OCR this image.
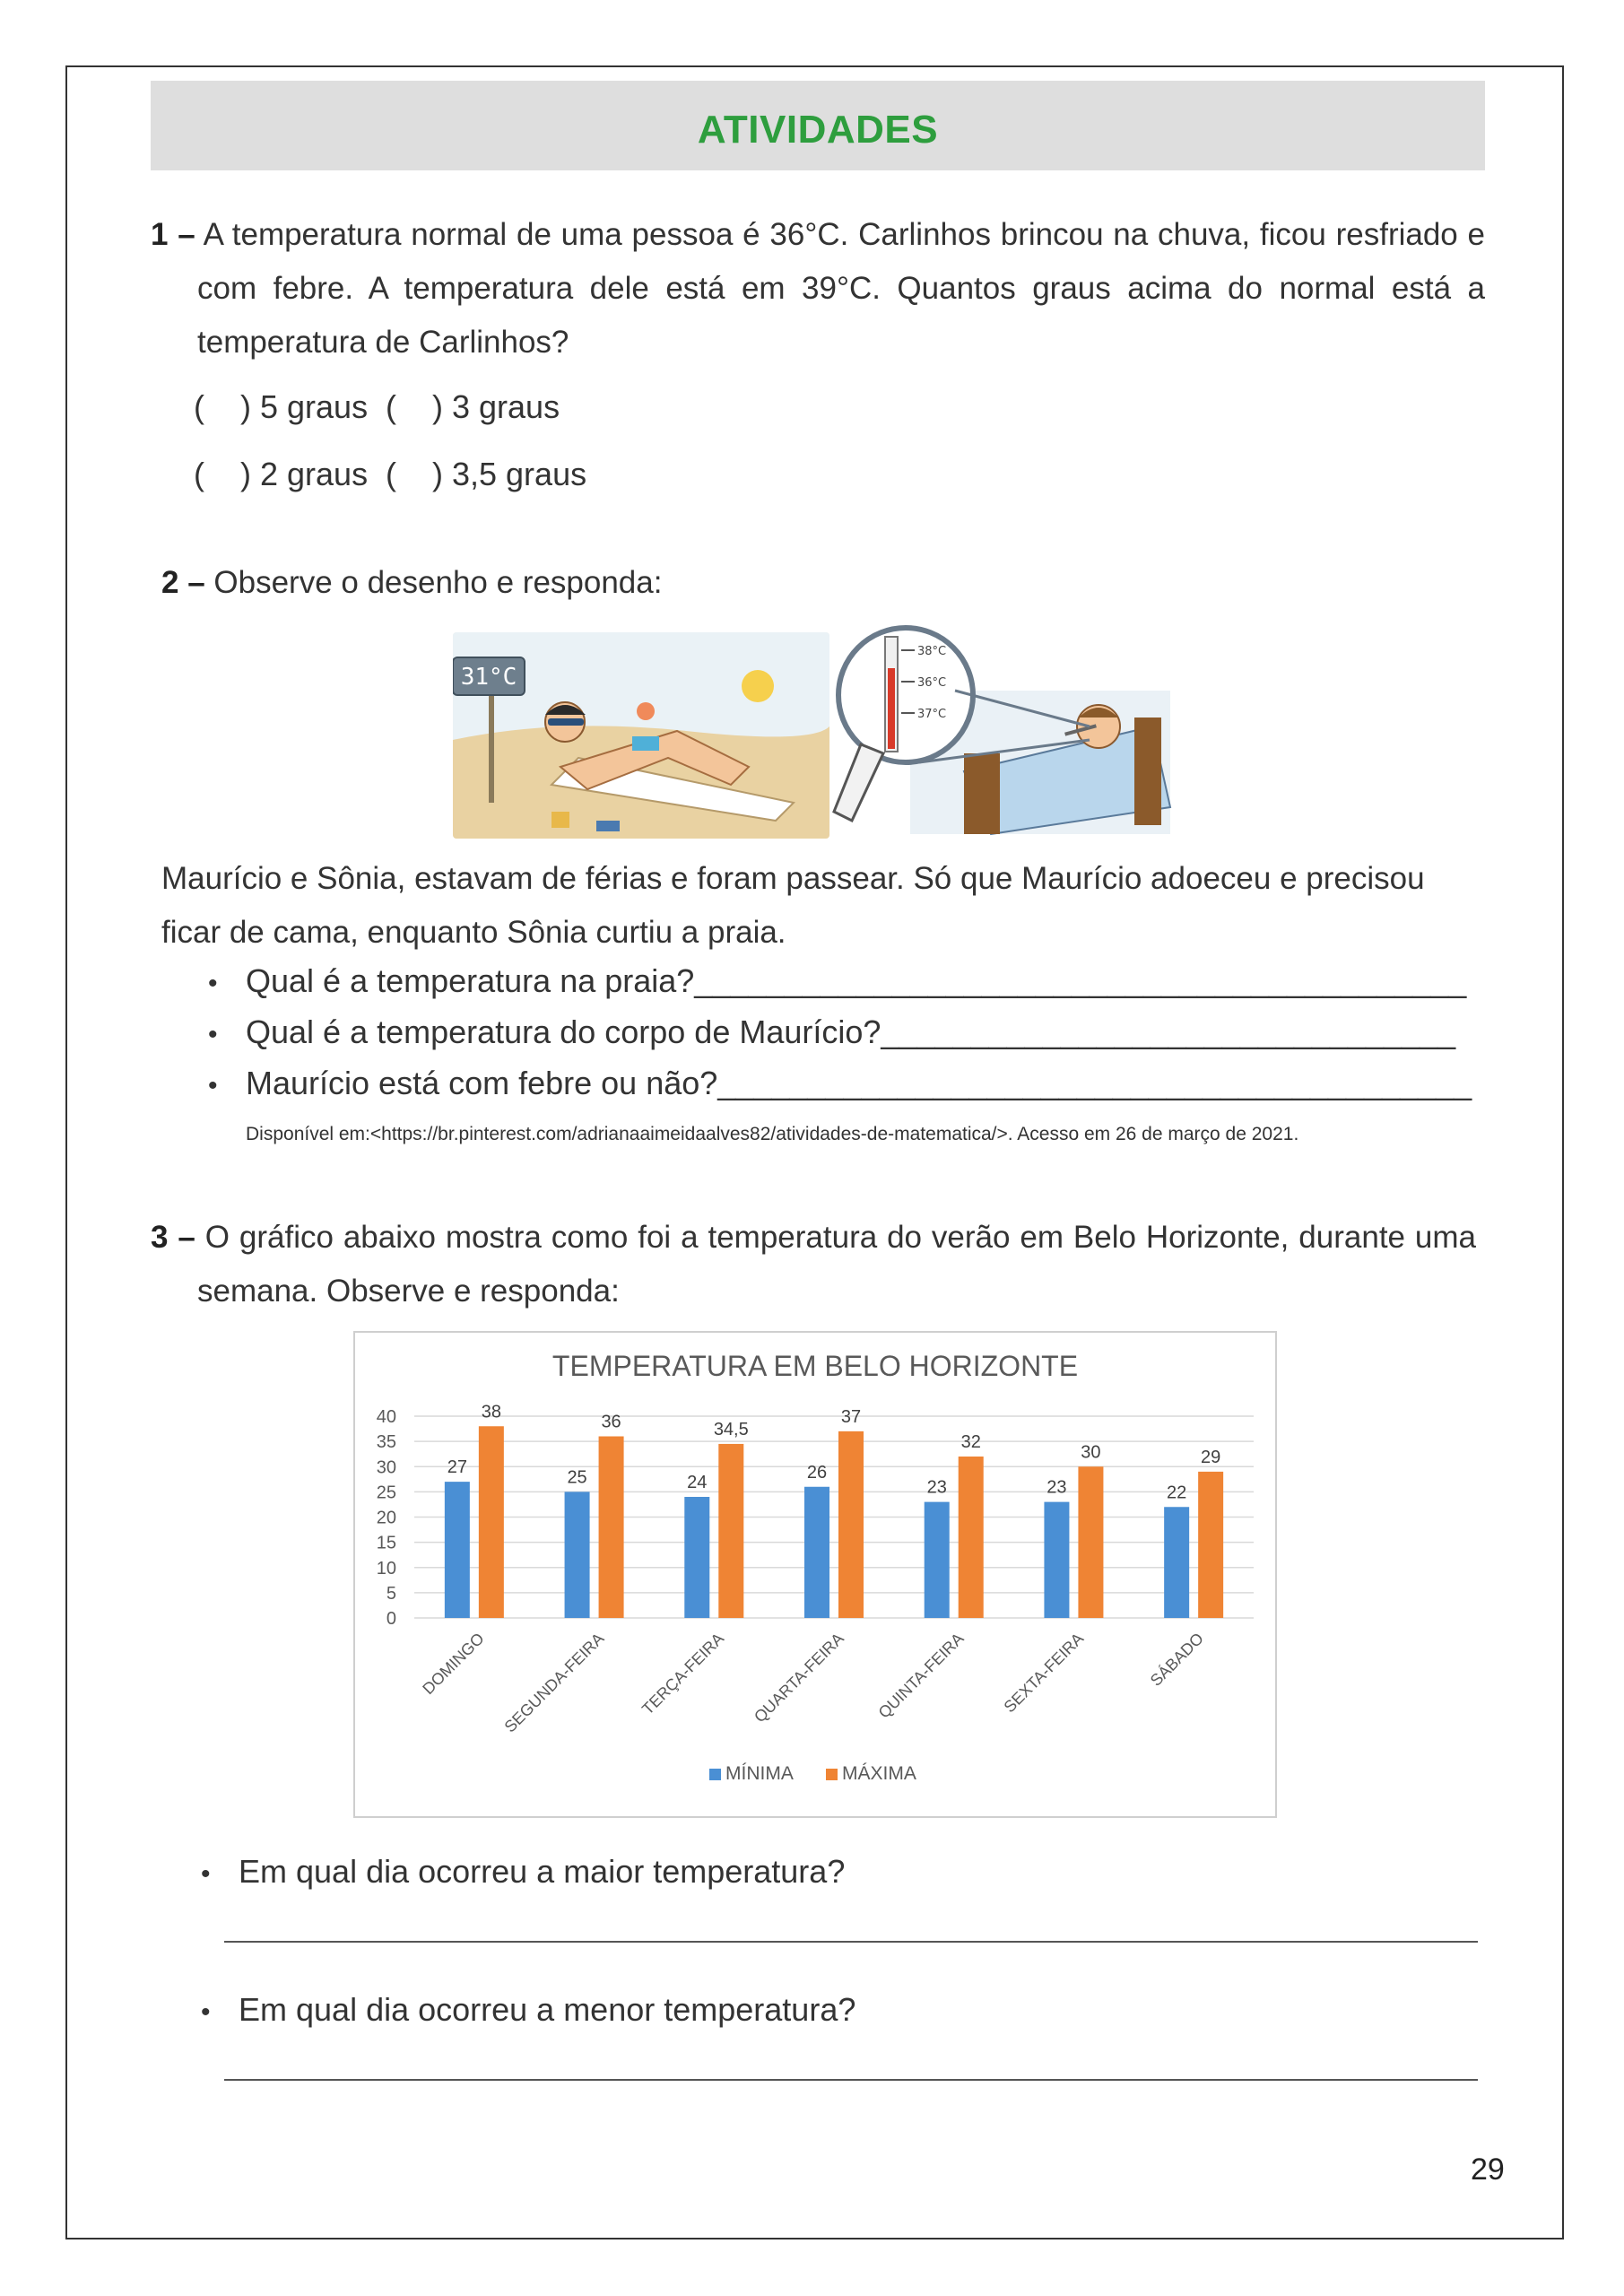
ATIVIDADES
1 – A temperatura normal de uma pessoa é 36°C. Carlinhos brincou na chuva, ficou resfriado e com febre. A temperatura dele está em 39°C. Quantos graus acima do normal está a temperatura de Carlinhos?
(    ) 5 graus (    ) 3 graus
(    ) 2 graus (    ) 3,5 graus
2 – Observe o desenho e responda:
31°C
38°C
36°C
37°C
Maurício e Sônia, estavam de férias e foram passear. Só que Maurício adoeceu e precisou ficar de cama, enquanto Sônia curtiu a praia.
• Qual é a temperatura na praia?___________________________________________
• Qual é a temperatura do corpo de Maurício?________________________________
• Maurício está com febre ou não?__________________________________________
Disponível em:<https://br.pinterest.com/adrianaaimeidaalves82/atividades-de-matematica/>. Acesso em 26 de março de 2021.
3 – O gráfico abaixo mostra como foi a temperatura do verão em Belo Horizonte, durante uma semana. Observe e responda:
TEMPERATURA EM BELO HORIZONTE
0
5
10
15
20
25
30
35
40
27
38
DOMINGO
25
36
SEGUNDA-FEIRA
24
34,5
TERÇA-FEIRA
26
37
QUARTA-FEIRA
23
32
QUINTA-FEIRA
23
30
SEXTA-FEIRA
22
29
SÁBADO
MÍNIMA	MÁXIMA
• Em qual dia ocorreu a maior temperatura?
• Em qual dia ocorreu a menor temperatura?
29
